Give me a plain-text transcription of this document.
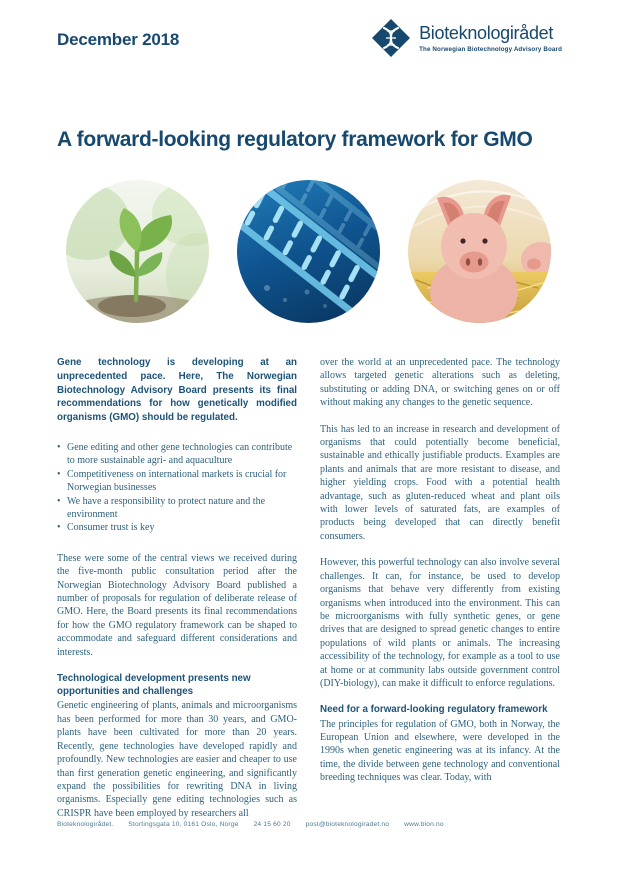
December 2018	Bioteknologirådet
The Norwegian Biotechnology Advisory Board
A forward-looking regulatory framework for GMO

Gene technology is developing at an unprecedented pace. Here, The Norwegian Biotechnology Advisory Board presents its final recommendations for how genetically modified organisms (GMO) should be regulated.

• Gene editing and other gene technologies can contribute to more sustainable agri- and aquaculture
• Competitiveness on international markets is crucial for Norwegian businesses
• We have a responsibility to protect nature and the environment
• Consumer trust is key

These were some of the central views we received during the five-month public consultation period after the Norwegian Biotechnology Advisory Board published a number of proposals for regulation of deliberate release of GMO. Here, the Board presents its final recommendations for how the GMO regulatory framework can be shaped to accommodate and safeguard different considerations and interests.

Technological development presents new opportunities and challenges

Genetic engineering of plants, animals and microorganisms has been performed for more than 30 years, and GMO-plants have been cultivated for more than 20 years. Recently, gene technologies have developed rapidly and profoundly. New technologies are easier and cheaper to use than first generation genetic engineering, and significantly expand the possibilities for rewriting DNA in living organisms. Especially gene editing technologies such as CRISPR have been employed by researchers all

over the world at an unprecedented pace. The technology allows targeted genetic alterations such as deleting, substituting or adding DNA, or switching genes on or off without making any changes to the genetic sequence.

This has led to an increase in research and development of organisms that could potentially become beneficial, sustainable and ethically justifiable products. Examples are plants and animals that are more resistant to disease, and higher yielding crops. Food with a potential health advantage, such as gluten-reduced wheat and plant oils with lower levels of saturated fats, are examples of products being developed that can directly benefit consumers.

However, this powerful technology can also involve several challenges. It can, for instance, be used to develop organisms that behave very differently from existing organisms when introduced into the environment. This can be microorganisms with fully synthetic genes, or gene drives that are designed to spread genetic changes to entire populations of wild plants or animals. The increasing accessibility of the technology, for example as a tool to use at home or at community labs outside government control (DIY-biology), can make it difficult to enforce regulations.

Need for a forward-looking regulatory framework

The principles for regulation of GMO, both in Norway, the European Union and elsewhere, were developed in the 1990s when genetic engineering was at its infancy. At the time, the divide between gene technology and conventional breeding techniques was clear. Today, with

Bioteknologirådet. Stortingsgata 10, 0161 Oslo, Norge 24 15 60 20 post@bioteknologiradet.no www.bion.no
